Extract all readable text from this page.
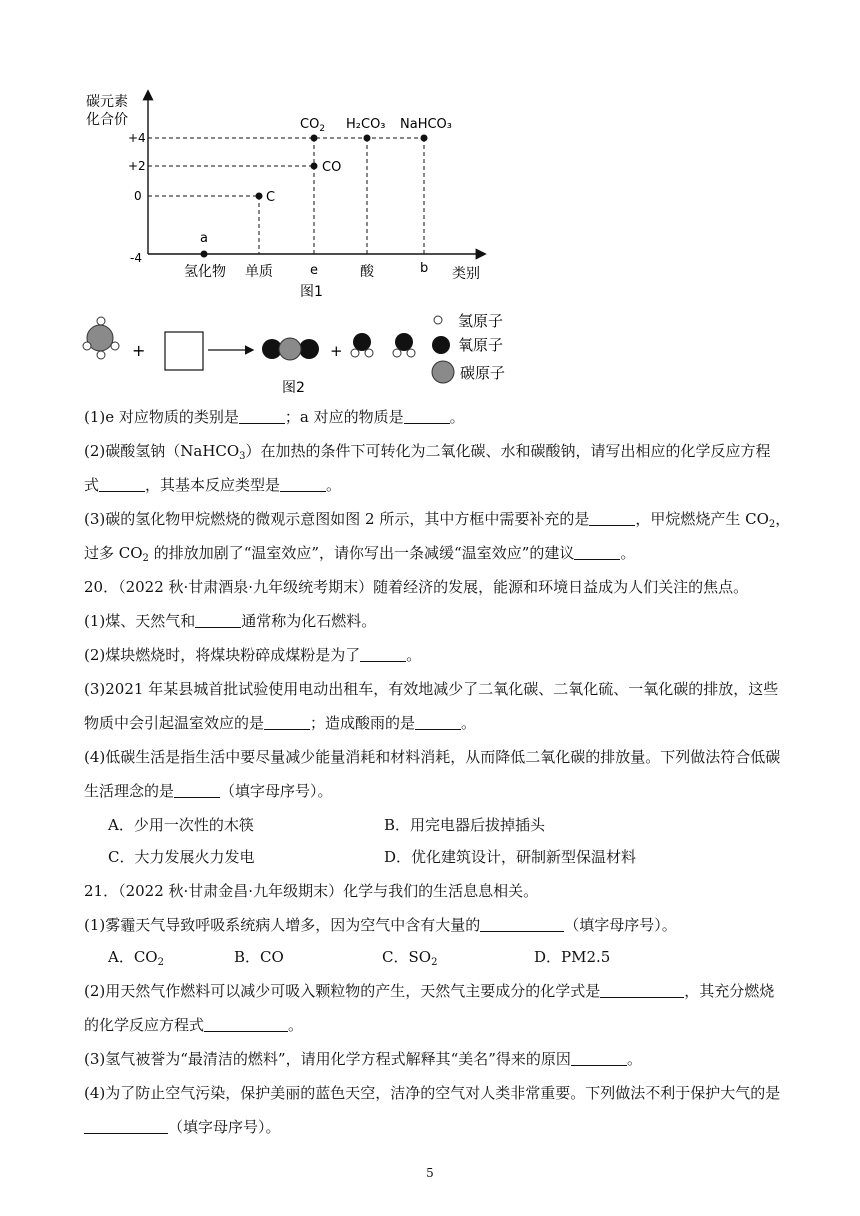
碳元素
化合价
+4
+2
0
-4
a
C
CO
$CO_2$ H₂CO₃ NaHCO₃
氢化物 单质	e	酸	b 类别
图1
+	+
氢原子
氧原子
碳原子
图2
(1)e 对应物质的类别是	；a 对应的物质是	。
(2)碳酸氢钠（NaHCO$_3$）在加热的条件下可转化为二氧化碳、水和碳酸钠，请写出相应的化学反应方程
式	，其基本反应类型是	。
(3)碳的氢化物甲烷燃烧的微观示意图如图 2 所示，其中方框中需要补充的是	，甲烷燃烧产生 $CO_2$，
过多 $CO_2$ 的排放加剧了“温室效应”，请你写出一条减缓“温室效应”的建议	。
20．（2022 秋·甘肃酒泉·九年级统考期末）随着经济的发展，能源和环境日益成为人们关注的焦点。
(1)煤、天然气和	通常称为化石燃料。
(2)煤块燃烧时，将煤块粉碎成煤粉是为了	。
(3)2021 年某县城首批试验使用电动出租车，有效地减少了二氧化碳、二氧化硫、一氧化碳的排放，这些
物质中会引起温室效应的是	；造成酸雨的是	。
(4)低碳生活是指生活中要尽量减少能量消耗和材料消耗，从而降低二氧化碳的排放量。下列做法符合低碳
生活理念的是	（填字母序号）。
A．少用一次性的木筷	B．用完电器后拔掉插头
C．大力发展火力发电	D．优化建筑设计，研制新型保温材料
21．（2022 秋·甘肃金昌·九年级期末）化学与我们的生活息息相关。
(1)雾霾天气导致呼吸系统病人增多，因为空气中含有大量的	（填字母序号）。
A．$CO_2$	B．CO	C．$SO_2$	D．PM2.5
(2)用天然气作燃料可以减少可吸入颗粒物的产生，天然气主要成分的化学式是	，其充分燃烧
的化学反应方程式	。
(3)氢气被誉为“最清洁的燃料”，请用化学方程式解释其“美名”得来的原因	。
(4)为了防止空气污染，保护美丽的蓝色天空，洁净的空气对人类非常重要。下列做法不利于保护大气的是
（填字母序号）。
5
